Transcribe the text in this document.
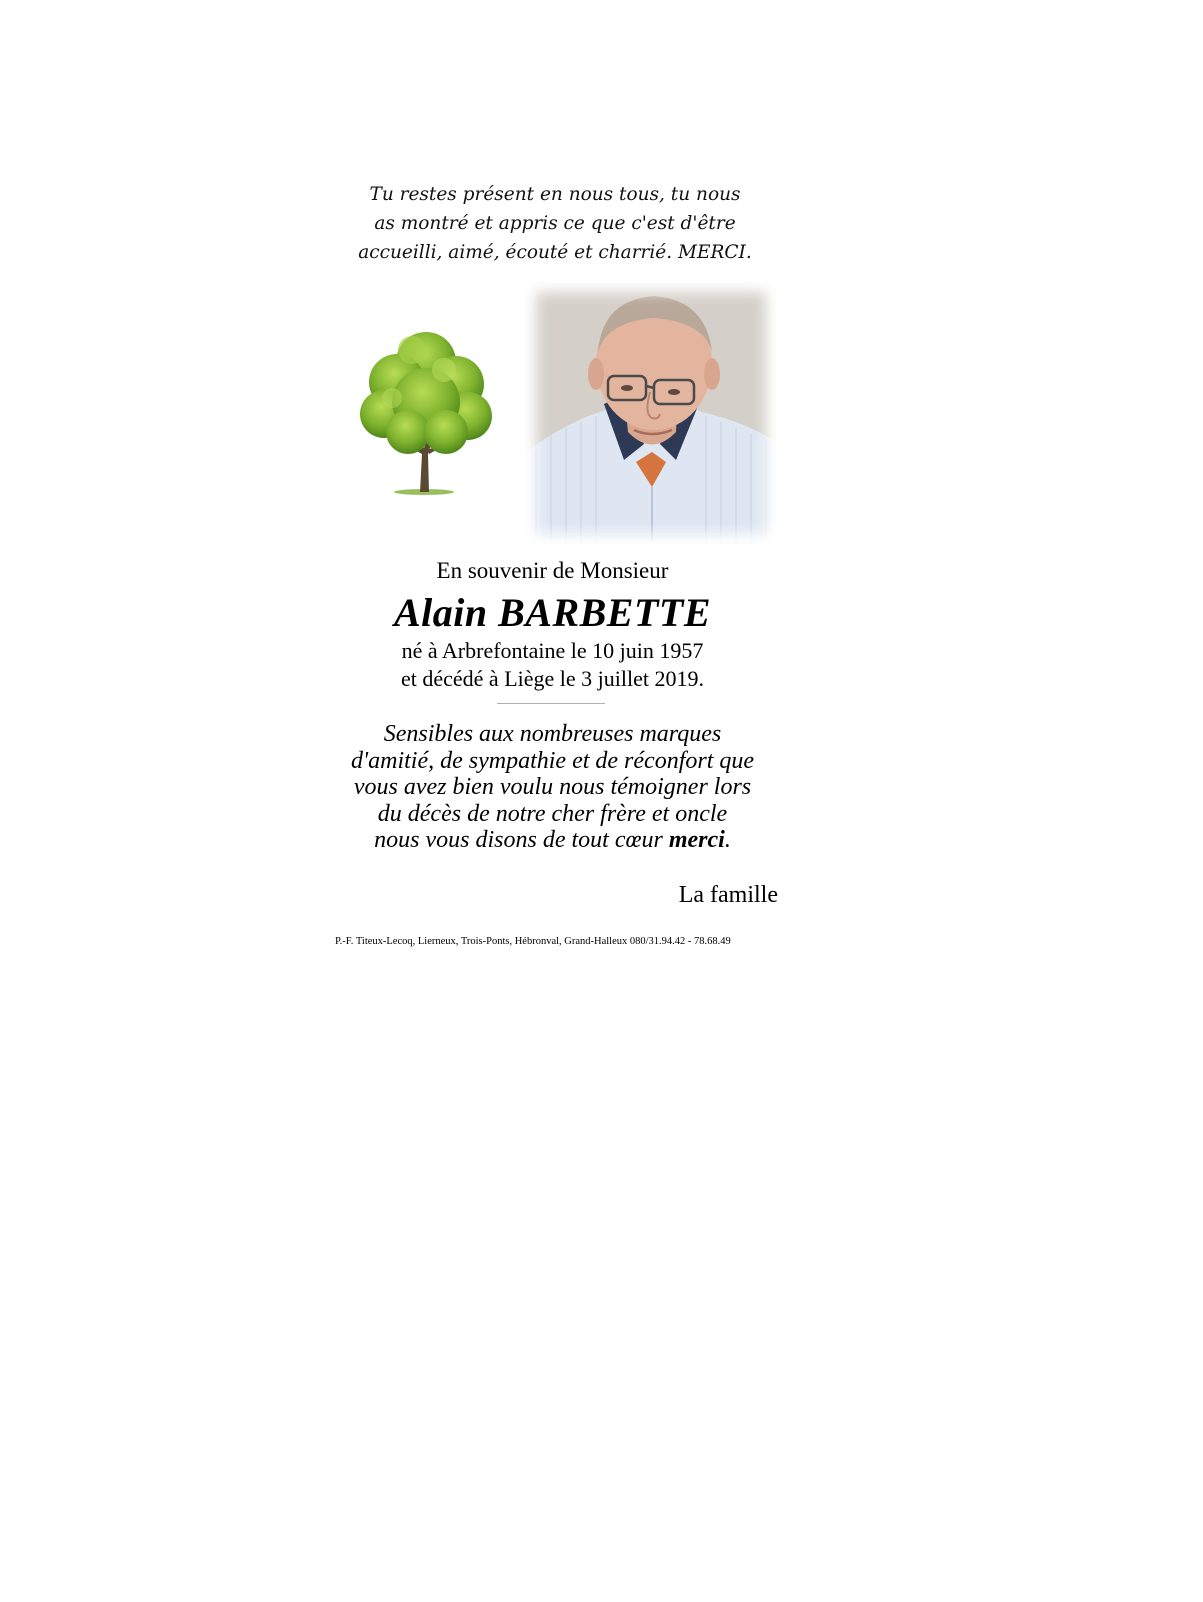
Tu restes présent en nous tous, tu nous
as montré et appris ce que c'est d'être
accueilli, aimé, écouté et charrié. MERCI.
En souvenir de Monsieur
Alain BARBETTE
né à Arbrefontaine le 10 juin 1957
et décédé à Liège le 3 juillet 2019.
Sensibles aux nombreuses marques
d'amitié, de sympathie et de réconfort que
vous avez bien voulu nous témoigner lors
du décès de notre cher frère et oncle
nous vous disons de tout cœur merci.
La famille
P.-F. Titeux-Lecoq, Lierneux, Trois-Ponts, Hébronval, Grand-Halleux 080/31.94.42 - 78.68.49
